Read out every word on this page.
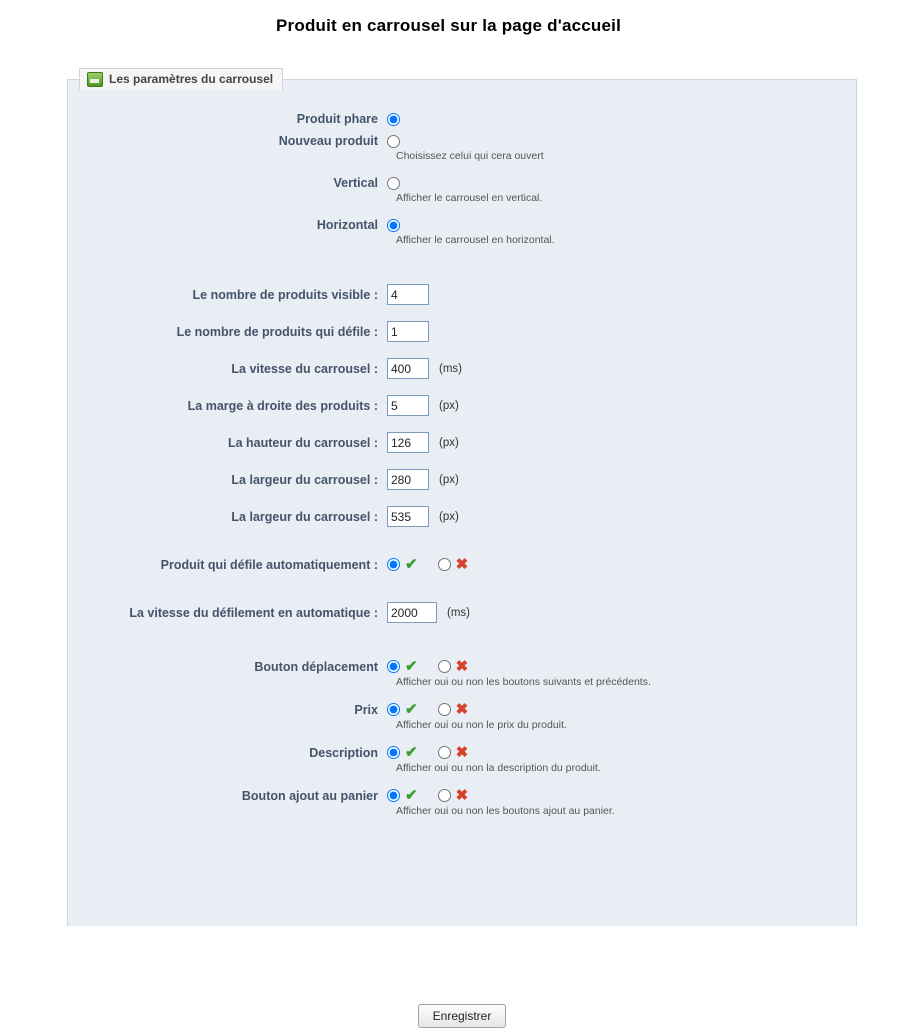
Produit en carrousel sur la page d'accueil
Les paramètres du carrousel
Produit phare
Nouveau produit
Choisissez celui qui cera ouvert
Vertical
Afficher le carrousel en vertical.
Horizontal
Afficher le carrousel en horizontal.
Le nombre de produits visible :
4
Le nombre de produits qui défile :
1
La vitesse du carrousel :
400	(ms)
La marge à droite des produits :
5	(px)
La hauteur du carrousel :
126	(px)
La largeur du carrousel :
280	(px)
La largeur du carrousel :
535	(px)
Produit qui défile automatiquement :	✔	✖
La vitesse du défilement en automatique :
2000	(ms)
Bouton déplacement	✔	✖
Afficher oui ou non les boutons suivants et précédents.
Prix	✔	✖
Afficher oui ou non le prix du produit.
Description	✔	✖
Afficher oui ou non la description du produit.
Bouton ajout au panier	✔	✖
Afficher oui ou non les boutons ajout au panier.
Enregistrer
